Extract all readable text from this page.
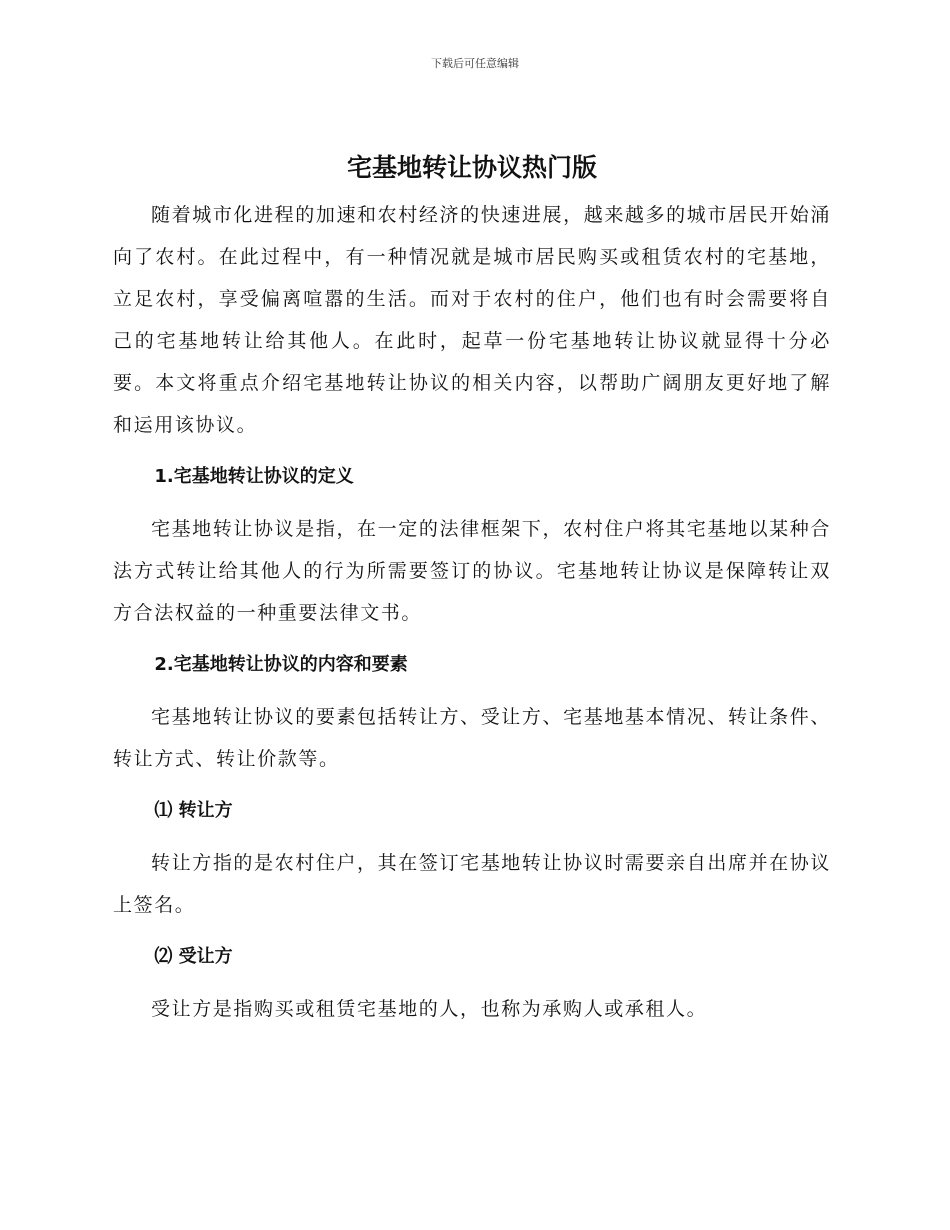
下载后可任意编辑
宅基地转让协议热门版

随着城市化进程的加速和农村经济的快速进展，越来越多的城市居民开始涌向了农村。在此过程中，有一种情况就是城市居民购买或租赁农村的宅基地，立足农村，享受偏离喧嚣的生活。而对于农村的住户，他们也有时会需要将自己的宅基地转让给其他人。在此时，起草一份宅基地转让协议就显得十分必要。本文将重点介绍宅基地转让协议的相关内容，以帮助广阔朋友更好地了解和运用该协议。

1.宅基地转让协议的定义

宅基地转让协议是指，在一定的法律框架下，农村住户将其宅基地以某种合法方式转让给其他人的行为所需要签订的协议。宅基地转让协议是保障转让双方合法权益的一种重要法律文书。

2.宅基地转让协议的内容和要素

宅基地转让协议的要素包括转让方、受让方、宅基地基本情况、转让条件、转让方式、转让价款等。

⑴ 转让方

转让方指的是农村住户，其在签订宅基地转让协议时需要亲自出席并在协议上签名。

⑵ 受让方

受让方是指购买或租赁宅基地的人，也称为承购人或承租人。
